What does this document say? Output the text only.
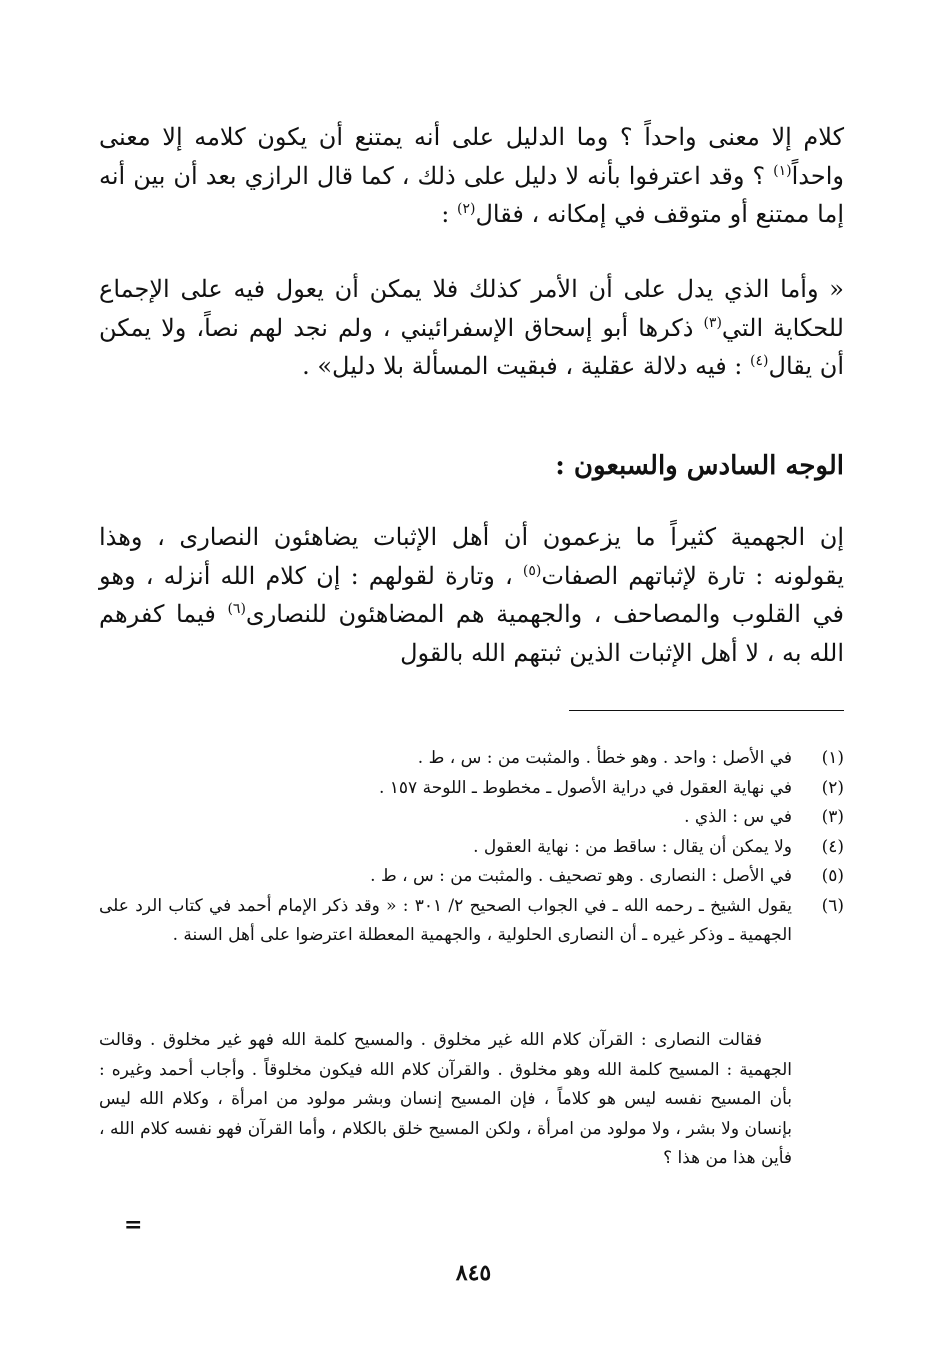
كلام إلا معنى واحداً ؟ وما الدليل على أنه يمتنع أن يكون كلامه إلا معنى واحداً$^{(١)}$ ؟ وقد اعترفوا بأنه لا دليل على ذلك ، كما قال الرازي بعد أن بين أنه إما ممتنع أو متوقف في إمكانه ، فقال$^{(٢)}$ :

« وأما الذي يدل على أن الأمر كذلك فلا يمكن أن يعول فيه على الإجماع للحكاية التي$^{(٣)}$ ذكرها أبو إسحاق الإسفرائيني ، ولم نجد لهم نصاً، ولا يمكن أن يقال$^{(٤)}$ : فيه دلالة عقلية ، فبقيت المسألة بلا دليل» .

الوجه السادس والسبعون :

إن الجهمية كثيراً ما يزعمون أن أهل الإثبات يضاهئون النصارى ، وهذا يقولونه : تارة لإثباتهم الصفات$^{(٥)}$ ، وتارة لقولهم : إن كلام الله أنزله ، وهو في القلوب والمصاحف ، والجهمية هم المضاهئون للنصارى$^{(٦)}$ فيما كفرهم الله به ، لا أهل الإثبات الذين ثبتهم الله بالقول

(١)
في الأصل : واحد . وهو خطأ . والمثبت من : س ، ط .
(٢)
في نهاية العقول في دراية الأصول ـ مخطوط ـ اللوحة ١٥٧ .
(٣)
في س : الذي .
(٤)
ولا يمكن أن يقال : ساقط من : نهاية العقول .
(٥)
في الأصل : النصارى . وهو تصحيف . والمثبت من : س ، ط .
(٦)
يقول الشيخ ـ رحمه الله ـ في الجواب الصحيح ٢/ ٣٠١ : « وقد ذكر الإمام أحمد في كتاب الرد على الجهمية ـ وذكر غيره ـ أن النصارى الحلولية ، والجهمية المعطلة اعترضوا على أهل السنة .

فقالت النصارى : القرآن كلام الله غير مخلوق . والمسيح كلمة الله فهو غير مخلوق . وقالت الجهمية : المسيح كلمة الله وهو مخلوق . والقرآن كلام الله فيكون مخلوقاً . وأجاب أحمد وغيره : بأن المسيح نفسه ليس هو كلاماً ، فإن المسيح إنسان وبشر مولود من امرأة ، وكلام الله ليس بإنسان ولا بشر ، ولا مولود من امرأة ، ولكن المسيح خلق بالكلام ، وأما القرآن فهو نفسه كلام الله ، فأين هذا من هذا ؟

=
٨٤٥
